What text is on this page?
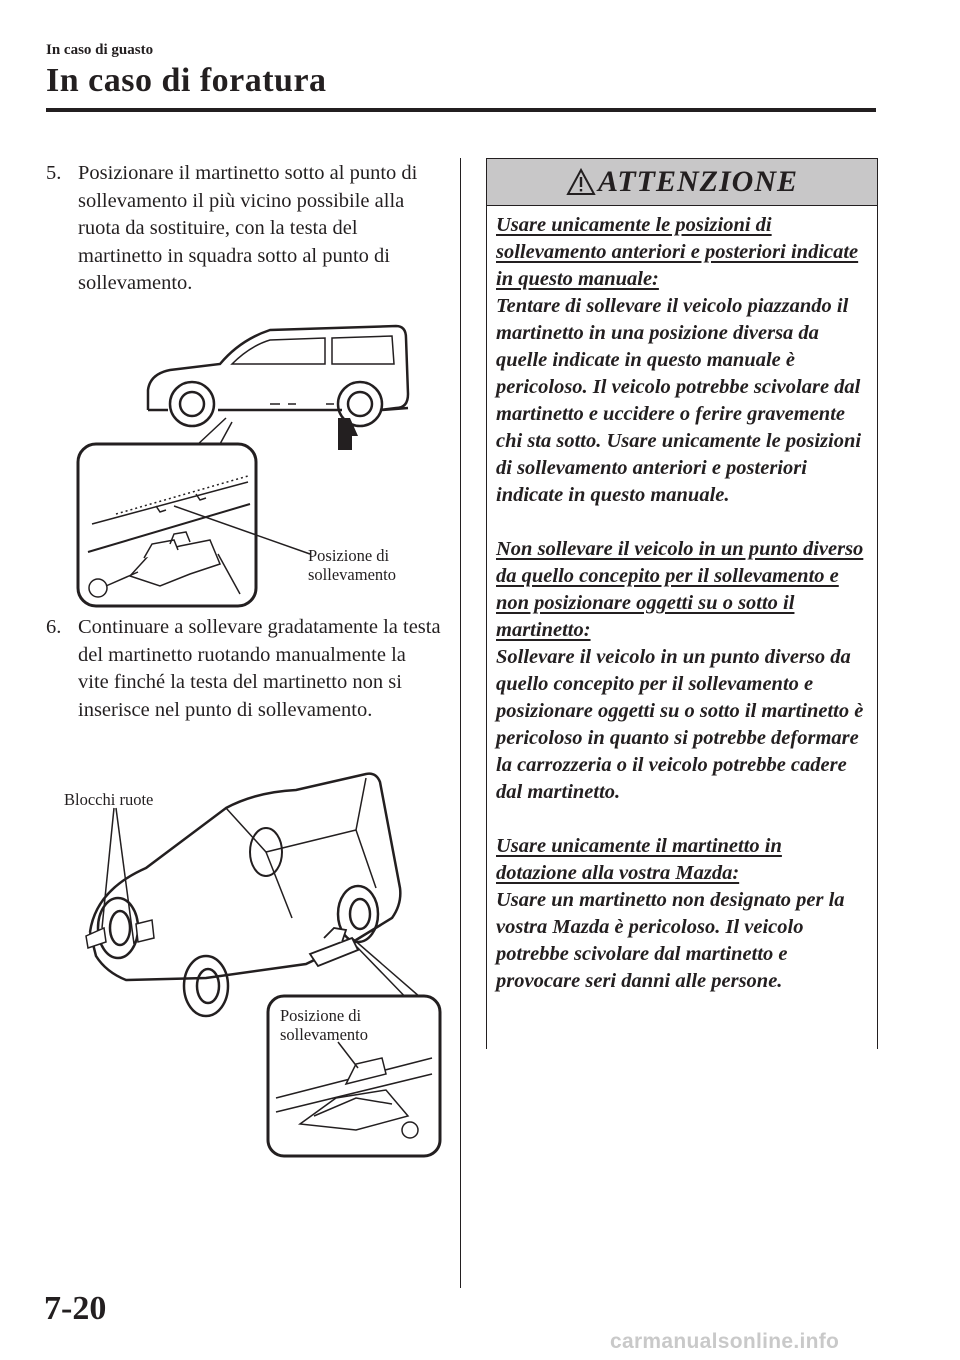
In caso di guasto
In caso di foratura
5. Posizionare il martinetto sotto al punto di sollevamento il più vicino possibile alla ruota da sostituire, con la testa del martinetto in squadra sotto al punto di sollevamento.
Posizione di
sollevamento
6. Continuare a sollevare gradatamente la testa del martinetto ruotando manualmente la vite finché la testa del martinetto non si inserisce nel punto di sollevamento.
Blocchi ruote
Posizione di
sollevamento
ATTENZIONE
Usare unicamente le posizioni di sollevamento anteriori e posteriori indicate in questo manuale:
Tentare di sollevare il veicolo piazzando il martinetto in una posizione diversa da quelle indicate in questo manuale è pericoloso. Il veicolo potrebbe scivolare dal martinetto e uccidere o ferire gravemente chi sta sotto. Usare unicamente le posizioni di sollevamento anteriori e posteriori indicate in questo manuale.
Non sollevare il veicolo in un punto diverso da quello concepito per il sollevamento e non posizionare oggetti su o sotto il martinetto:
Sollevare il veicolo in un punto diverso da quello concepito per il sollevamento e posizionare oggetti su o sotto il martinetto è pericoloso in quanto si potrebbe deformare la carrozzeria o il veicolo potrebbe cadere dal martinetto.
Usare unicamente il martinetto in dotazione alla vostra Mazda:
Usare un martinetto non designato per la vostra Mazda è pericoloso. Il veicolo potrebbe scivolare dal martinetto e provocare seri danni alle persone.
7-20
carmanualsonline.info
